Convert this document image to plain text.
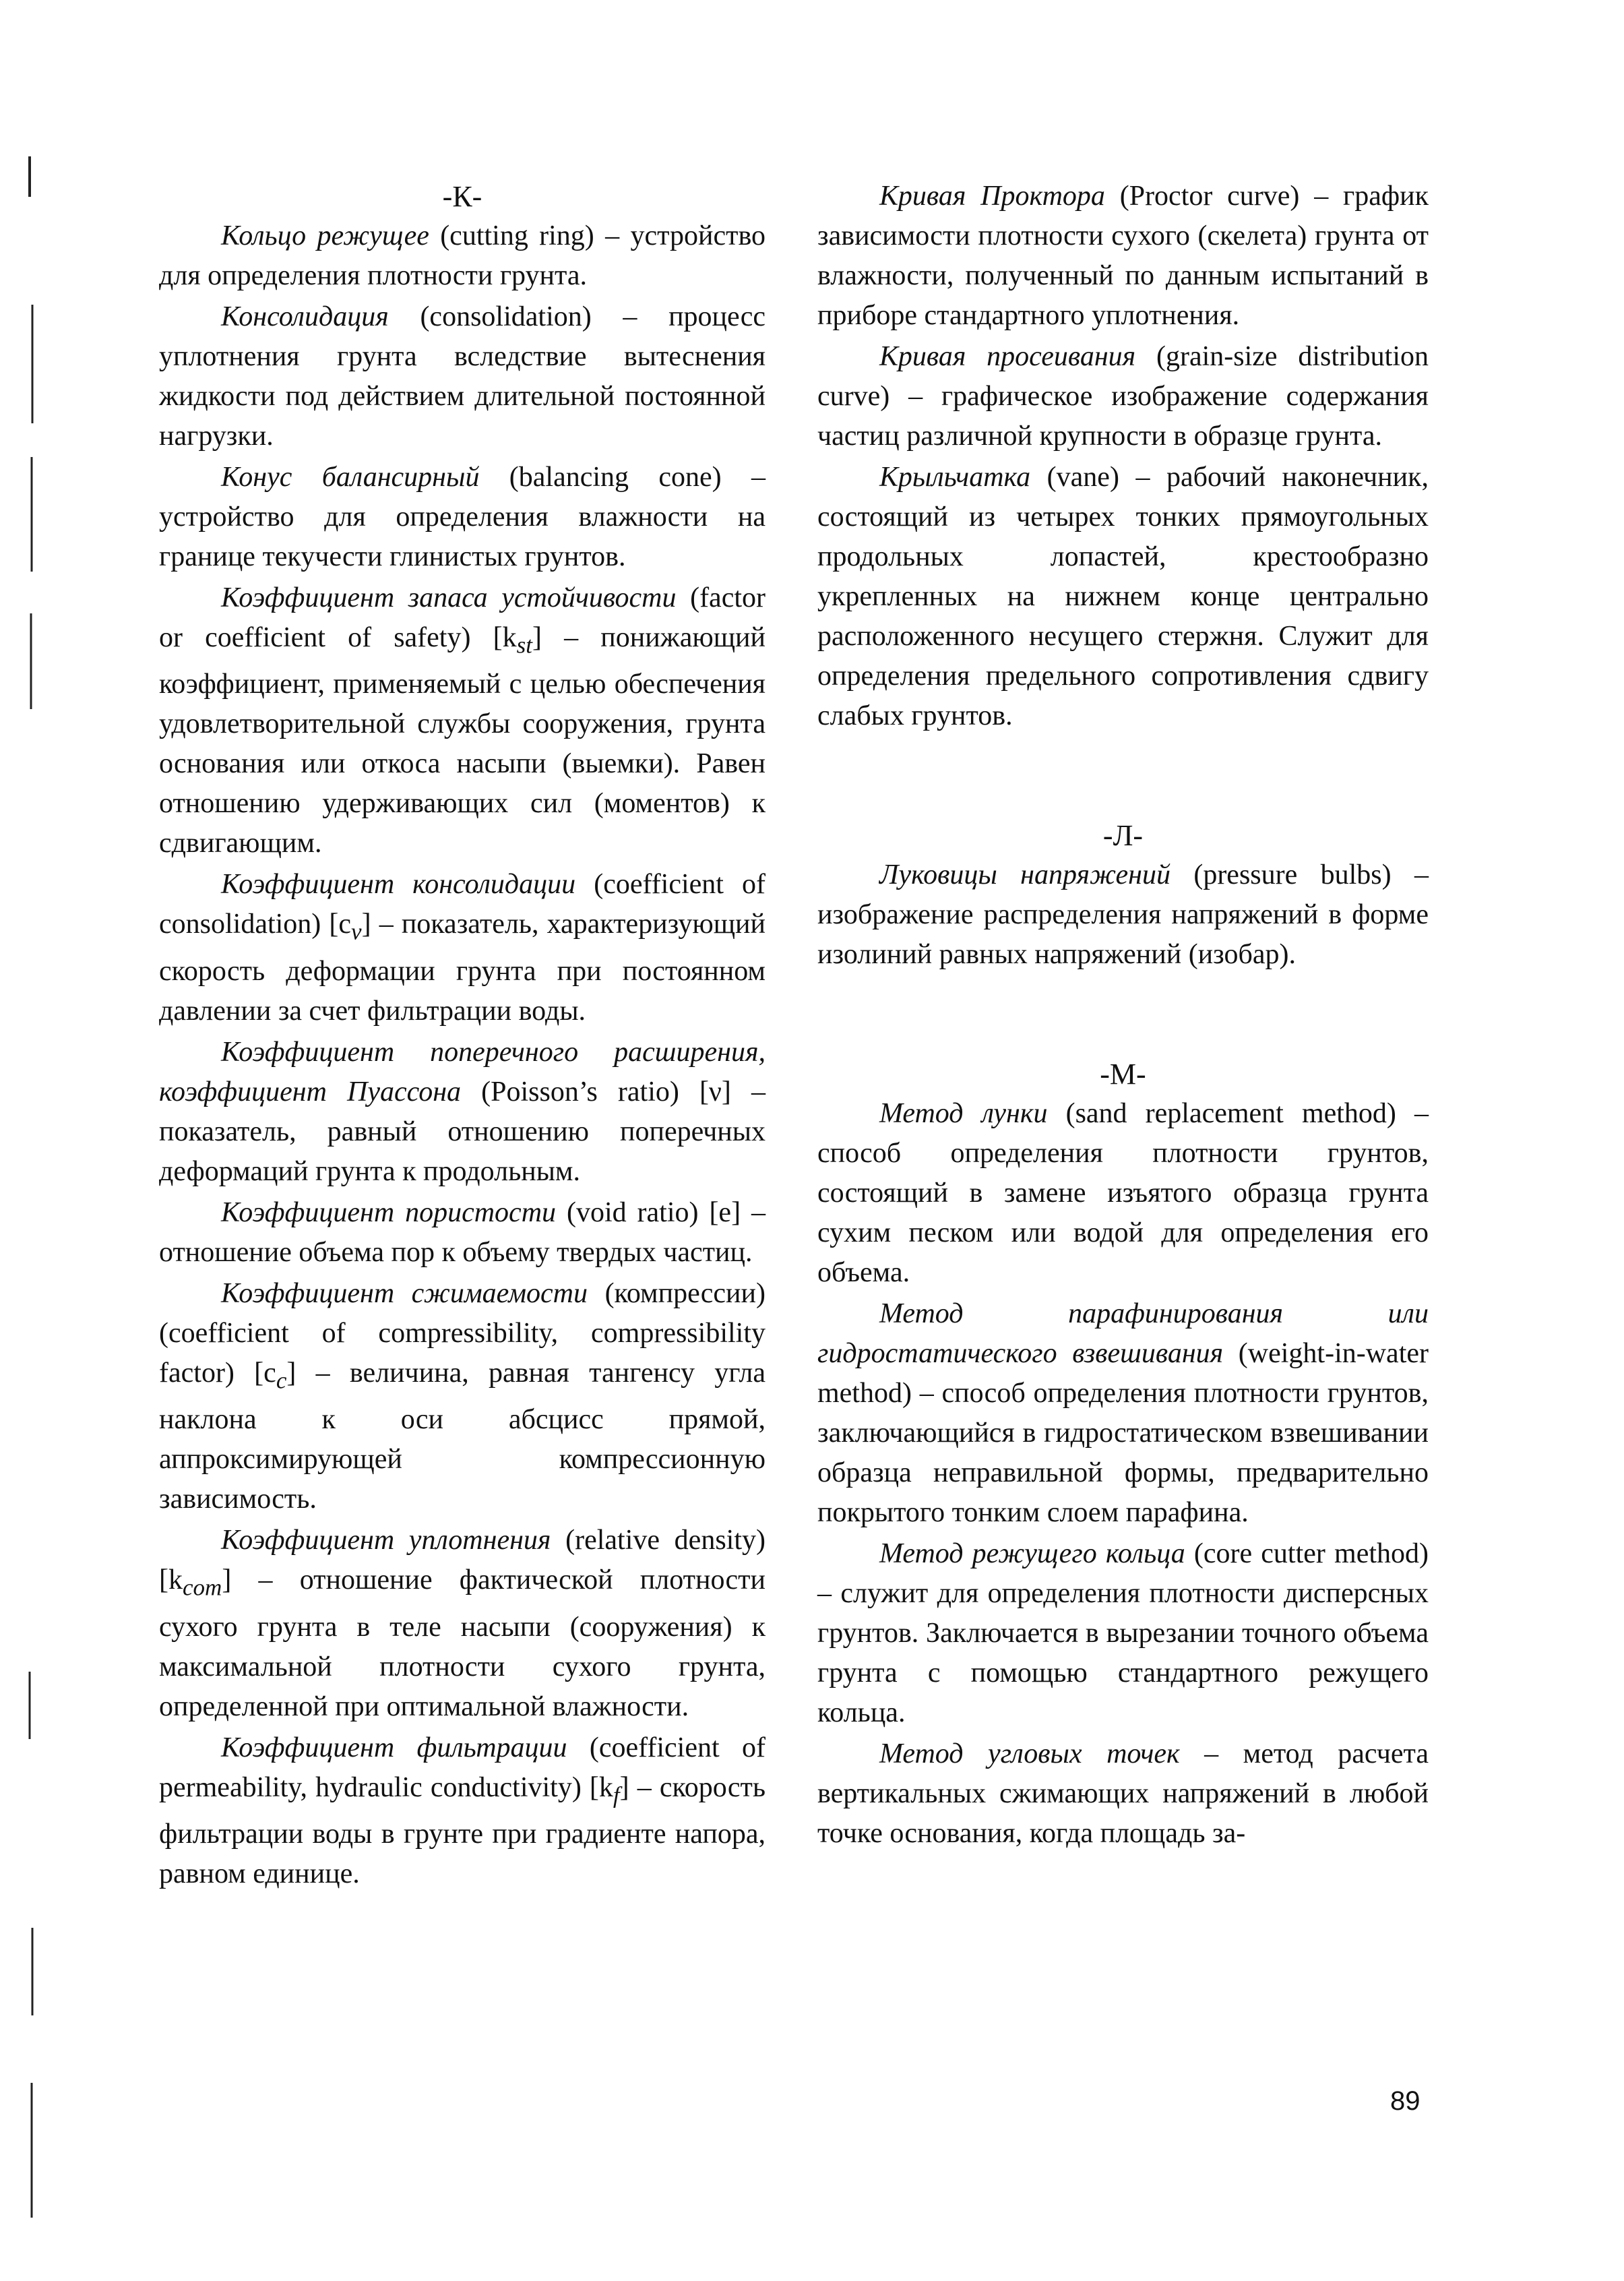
-К-

Кольцо режущее (cutting ring) – устройство для определения плотности грунта.

Консолидация (consolidation) – процесс уплотнения грунта вследствие вытеснения жидкости под действием длительной постоянной нагрузки.

Конус балансирный (balancing cone) – устройство для определения влажности на границе текучести глинистых грунтов.

Коэффициент запаса устойчивости (factor or coefficient of safety) $[k_{st}]$ – понижающий коэффициент, применяемый с целью обеспечения удовлетворительной службы сооружения, грунта основания или откоса насыпи (выемки). Равен отношению удерживающих сил (моментов) к сдвигающим.

Коэффициент консолидации (coefficient of consolidation) $[c_v]$ – показатель, характеризующий скорость деформации грунта при постоянном давлении за счет фильтрации воды.

Коэффициент поперечного расширения, коэффициент Пуассона (Poisson’s ratio) [ν] – показатель, равный отношению поперечных деформаций грунта к продольным.

Коэффициент пористости (void ratio) [e] – отношение объема пор к объему твердых частиц.

Коэффициент сжимаемости (компрессии) (coefficient of compressibility, compressibility factor) $[c_c]$ – величина, равная тангенсу угла наклона к оси абсцисс прямой, аппроксимирующей компрессионную зависимость.

Коэффициент уплотнения (relative density) $[k_{com}]$ – отношение фактической плотности сухого грунта в теле насыпи (сооружения) к максимальной плотности сухого грунта, определенной при оптимальной влажности.

Коэффициент фильтрации (coefficient of permeability, hydraulic conductivity) $[k_f]$ – скорость фильтрации воды в грунте при градиенте напора, равном единице.

Кривая Проктора (Proctor curve) – график зависимости плотности сухого (скелета) грунта от влажности, полученный по данным испытаний в приборе стандартного уплотнения.

Кривая просеивания (grain-size distribution curve) – графическое изображение содержания частиц различной крупности в образце грунта.

Крыльчатка (vane) – рабочий наконечник, состоящий из четырех тонких прямоугольных продольных лопастей, крестообразно укрепленных на нижнем конце центрально расположенного несущего стержня. Служит для определения предельного сопротивления сдвигу слабых грунтов.

-Л-

Луковицы напряжений (pressure bulbs) – изображение распределения напряжений в форме изолиний равных напряжений (изобар).

-М-

Метод лунки (sand replacement method) – способ определения плотности грунтов, состоящий в замене изъятого образца грунта сухим песком или водой для определения его объема.

Метод парафинирования или гидростатического взвешивания (weight-in-water method) – способ определения плотности грунтов, заключающийся в гидростатическом взвешивании образца неправильной формы, предварительно покрытого тонким слоем парафина.

Метод режущего кольца (core cutter method) – служит для определения плотности дисперсных грунтов. Заключается в вырезании точного объема грунта с помощью стандартного режущего кольца.

Метод угловых точек – метод расчета вертикальных сжимающих напряжений в любой точке основания, когда площадь за-

89
